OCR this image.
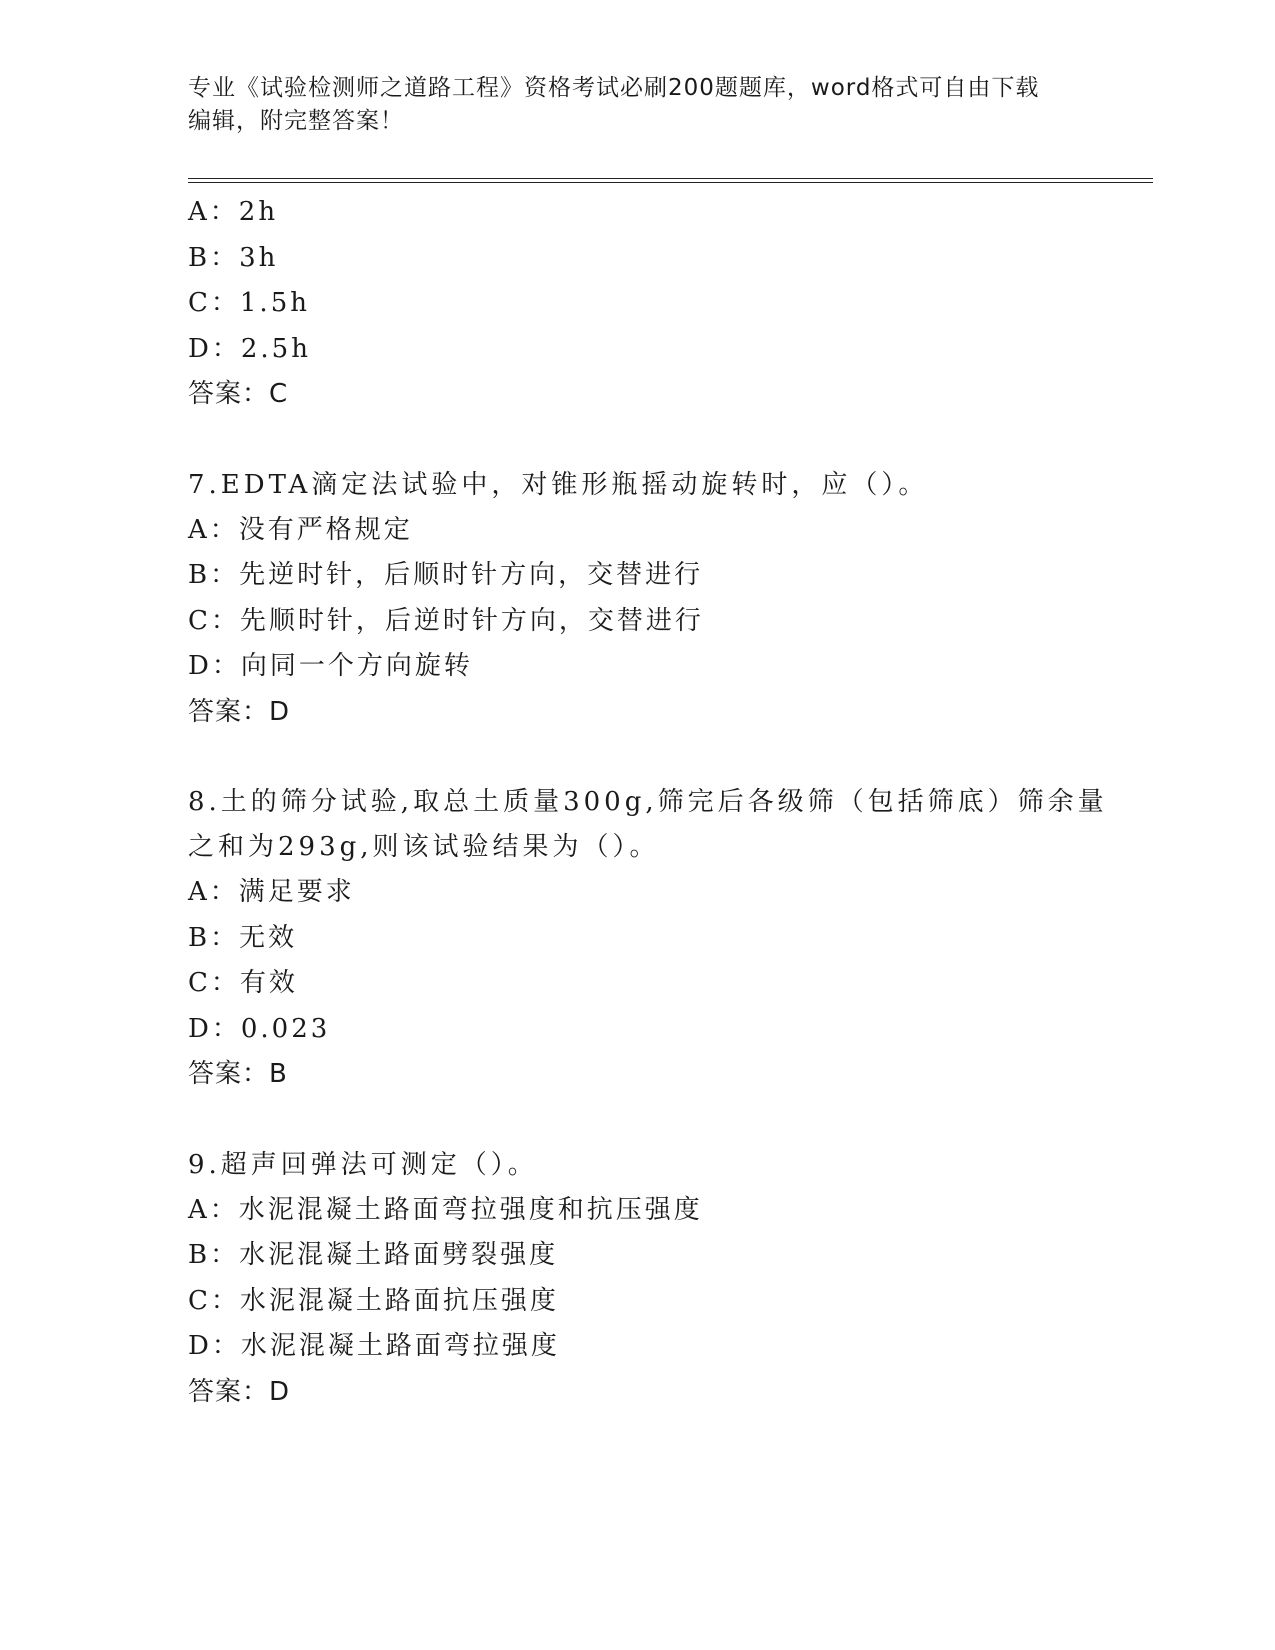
专业《试验检测师之道路工程》资格考试必刷200题题库，word格式可自由下载
编辑，附完整答案！
A：2h
B：3h
C：1.5h
D：2.5h
答案：C
7.EDTA滴定法试验中，对锥形瓶摇动旋转时，应（）。
A：没有严格规定
B：先逆时针，后顺时针方向，交替进行
C：先顺时针，后逆时针方向，交替进行
D：向同一个方向旋转
答案：D
8.土的筛分试验,取总土质量300g,筛完后各级筛（包括筛底）筛余量
之和为293g,则该试验结果为（）。
A：满足要求
B：无效
C：有效
D：0.023
答案：B
9.超声回弹法可测定（）。
A：水泥混凝土路面弯拉强度和抗压强度
B：水泥混凝土路面劈裂强度
C：水泥混凝土路面抗压强度
D：水泥混凝土路面弯拉强度
答案：D
